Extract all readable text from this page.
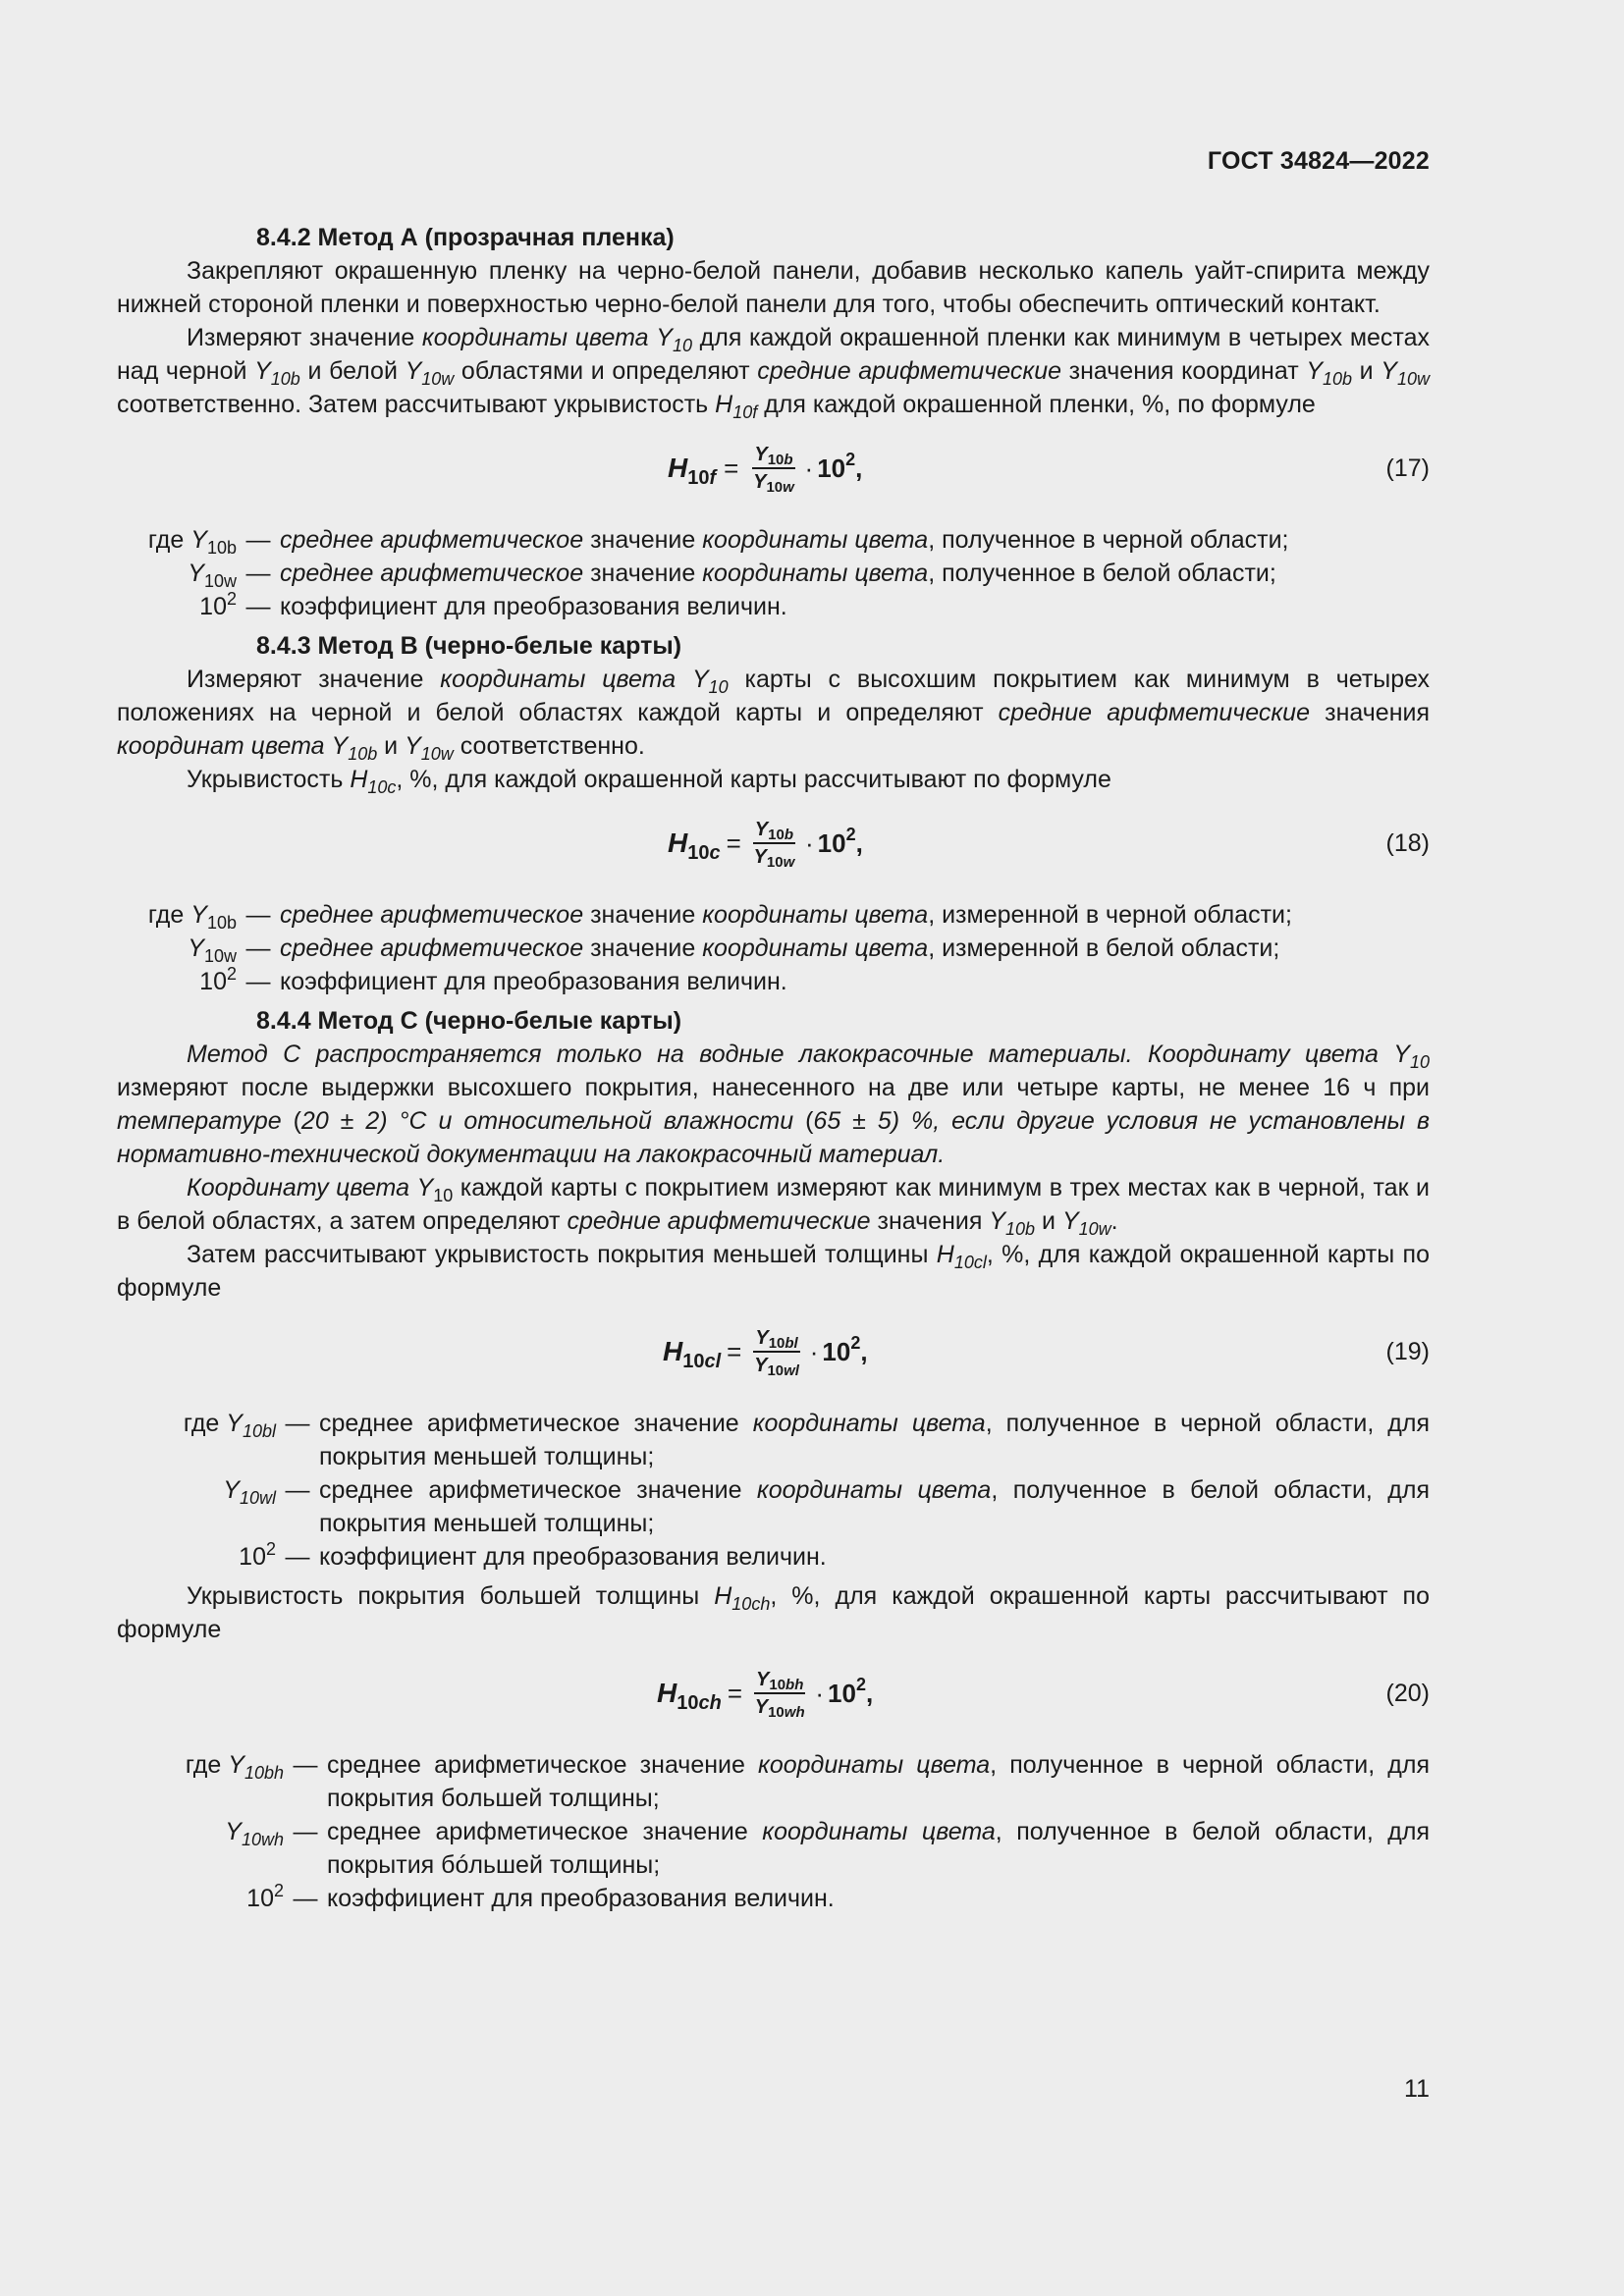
ГОСТ 34824—2022

8.4.2 Метод А (прозрачная пленка)

Закрепляют окрашенную пленку на черно-белой панели, добавив несколько капель уайт-спирита между нижней стороной пленки и поверхностью черно-белой панели для того, чтобы обеспечить оптический контакт.

Измеряют значение координаты цвета $Y_{10}$ для каждой окрашенной пленки как минимум в четырех местах над черной $Y_{10b}$ и белой $Y_{10w}$ областями и определяют средние арифметические значения координат $Y_{10b}$ и $Y_{10w}$ соответственно. Затем рассчитывают укрывистость $H_{10f}$ для каждой окрашенной пленки, %, по формуле

$H_{10f} = \frac{Y_{10b}}{Y_{10w}} \cdot 10^2$ ,	(17)
где $Y_{10b}$ — среднее арифметическое значение координаты цвета, полученное в черной области;
$Y_{10w}$ — среднее арифметическое значение координаты цвета, полученное в белой области;
$10^2$ — коэффициент для преобразования величин.

8.4.3 Метод В (черно-белые карты)

Измеряют значение координаты цвета $Y_{10}$ карты с высохшим покрытием как минимум в четырех положениях на черной и белой областях каждой карты и определяют средние арифметические значения координат цвета $Y_{10b}$ и $Y_{10w}$ соответственно.

Укрывистость $H_{10c}$, %, для каждой окрашенной карты рассчитывают по формуле

$H_{10c} = \frac{Y_{10b}}{Y_{10w}} \cdot 10^2$ ,	(18)
где $Y_{10b}$ — среднее арифметическое значение координаты цвета, измеренной в черной области;
$Y_{10w}$ — среднее арифметическое значение координаты цвета, измеренной в белой области;
$10^2$ — коэффициент для преобразования величин.

8.4.4 Метод С (черно-белые карты)

Метод С распространяется только на водные лакокрасочные материалы. Координату цвета $Y_{10}$ измеряют после выдержки высохшего покрытия, нанесенного на две или четыре карты, не менее 16 ч при температуре (20 ± 2) °С и относительной влажности (65 ± 5) %, если другие условия не установлены в нормативно-технической документации на лакокрасочный материал.

Координату цвета $Y_{10}$ каждой карты с покрытием измеряют как минимум в трех местах как в черной, так и в белой областях, а затем определяют средние арифметические значения $Y_{10b}$ и $Y_{10w}$.

Затем рассчитывают укрывистость покрытия меньшей толщины $H_{10cl}$, %, для каждой окрашенной карты по формуле

$H_{10cl} = \frac{Y_{10bl}}{Y_{10wl}} \cdot 10^2$ ,	(19)
где $Y_{10bl}$ — среднее арифметическое значение координаты цвета, полученное в черной области, для покрытия меньшей толщины;
$Y_{10wl}$ — среднее арифметическое значение координаты цвета, полученное в белой области, для покрытия меньшей толщины;
$10^2$ — коэффициент для преобразования величин.

Укрывистость покрытия большей толщины $H_{10ch}$, %, для каждой окрашенной карты рассчитывают по формуле

$H_{10ch} = \frac{Y_{10bh}}{Y_{10wh}} \cdot 10^2$ ,	(20)
где $Y_{10bh}$ — среднее арифметическое значение координаты цвета, полученное в черной области, для покрытия большей толщины;
$Y_{10wh}$ — среднее арифметическое значение координаты цвета, полученное в белой области, для покрытия бóльшей толщины;
$10^2$ — коэффициент для преобразования величин.
11
